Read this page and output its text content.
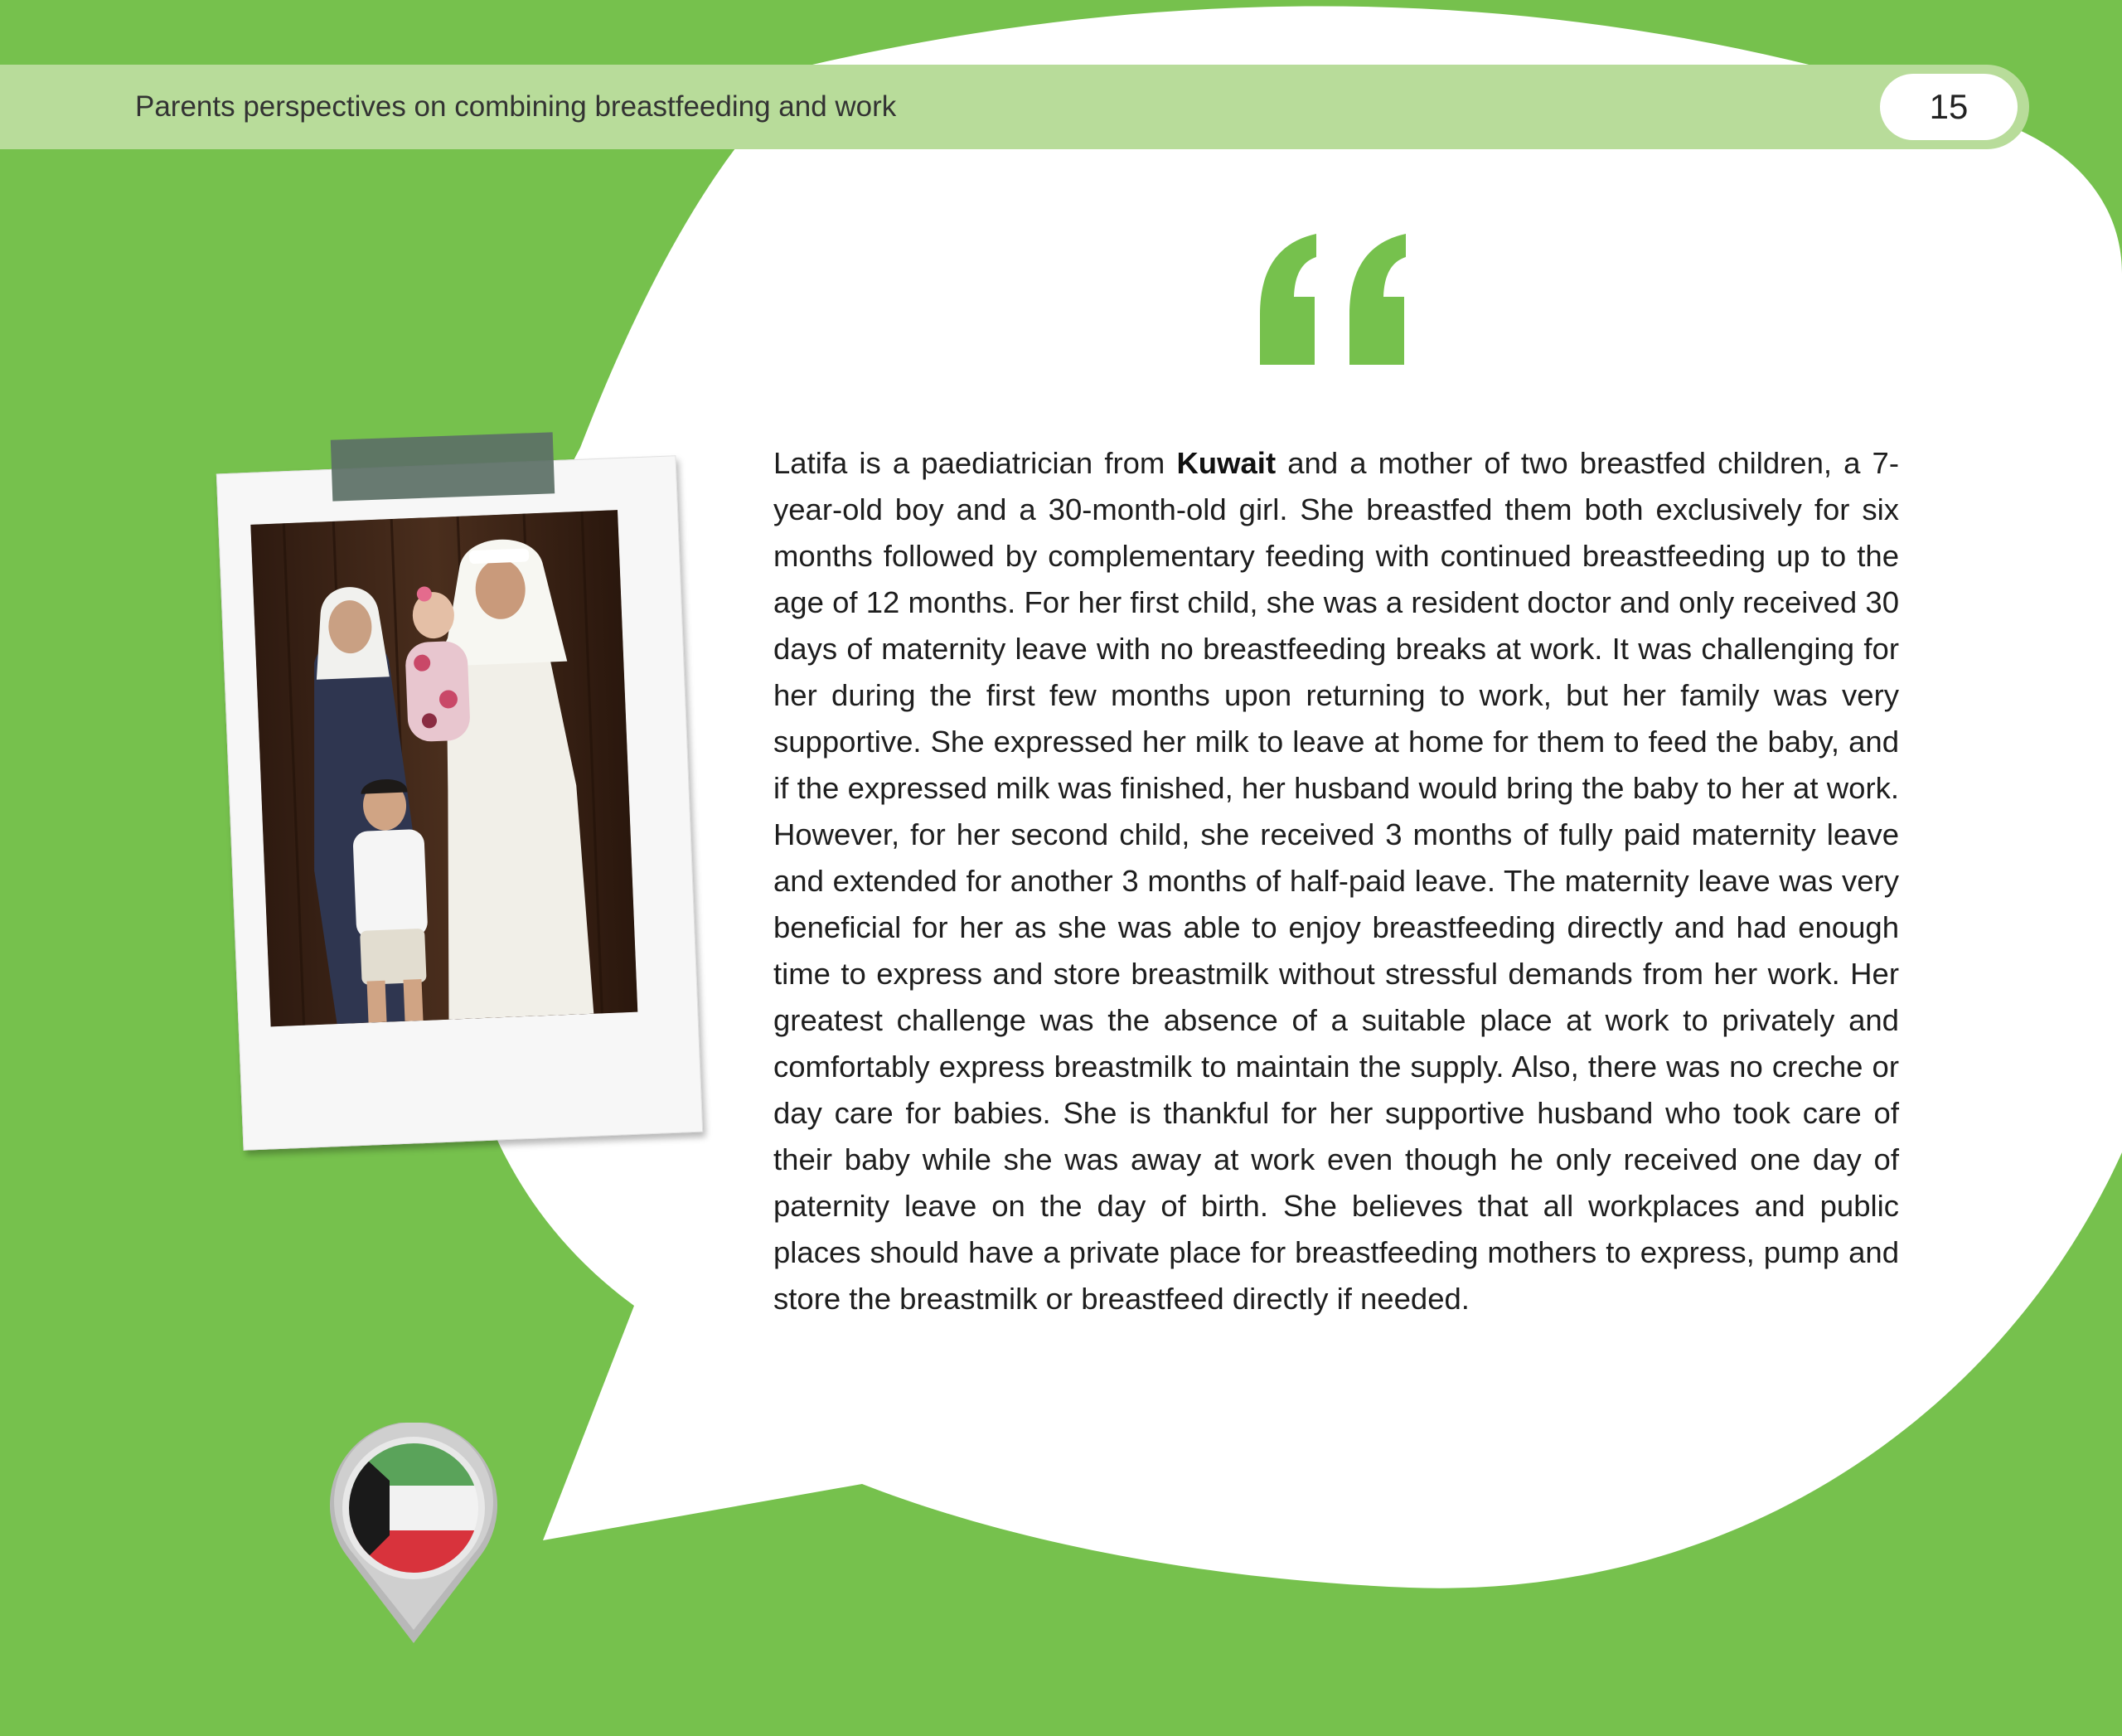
Parents perspectives on combining breastfeeding and work	15
Latifa is a paediatrician from Kuwait and a mother of two breastfed children, a 7-year-old boy and a 30-month-old girl. She breastfed them both exclusively for six months followed by complementary feeding with continued breastfeeding up to the age of 12 months. For her first child, she was a resident doctor and only received 30 days of maternity leave with no breastfeeding breaks at work. It was challenging for her during the first few months upon returning to work, but her family was very supportive. She expressed her milk to leave at home for them to feed the baby, and if the expressed milk was finished, her husband would bring the baby to her at work. However, for her second child, she received 3 months of fully paid maternity leave and extended for another 3 months of half-paid leave. The maternity leave was very beneficial for her as she was able to enjoy breastfeeding directly and had enough time to express and store breastmilk without stressful demands from her work. Her greatest challenge was the absence of a suitable place at work to privately and comfortably express breastmilk to maintain the supply. Also, there was no creche or day care for babies. She is thankful for her supportive husband who took care of their baby while she was away at work even though he only received one day of paternity leave on the day of birth. She believes that all workplaces and public places should have a private place for breastfeeding mothers to express, pump and store the breastmilk or breastfeed directly if needed.
